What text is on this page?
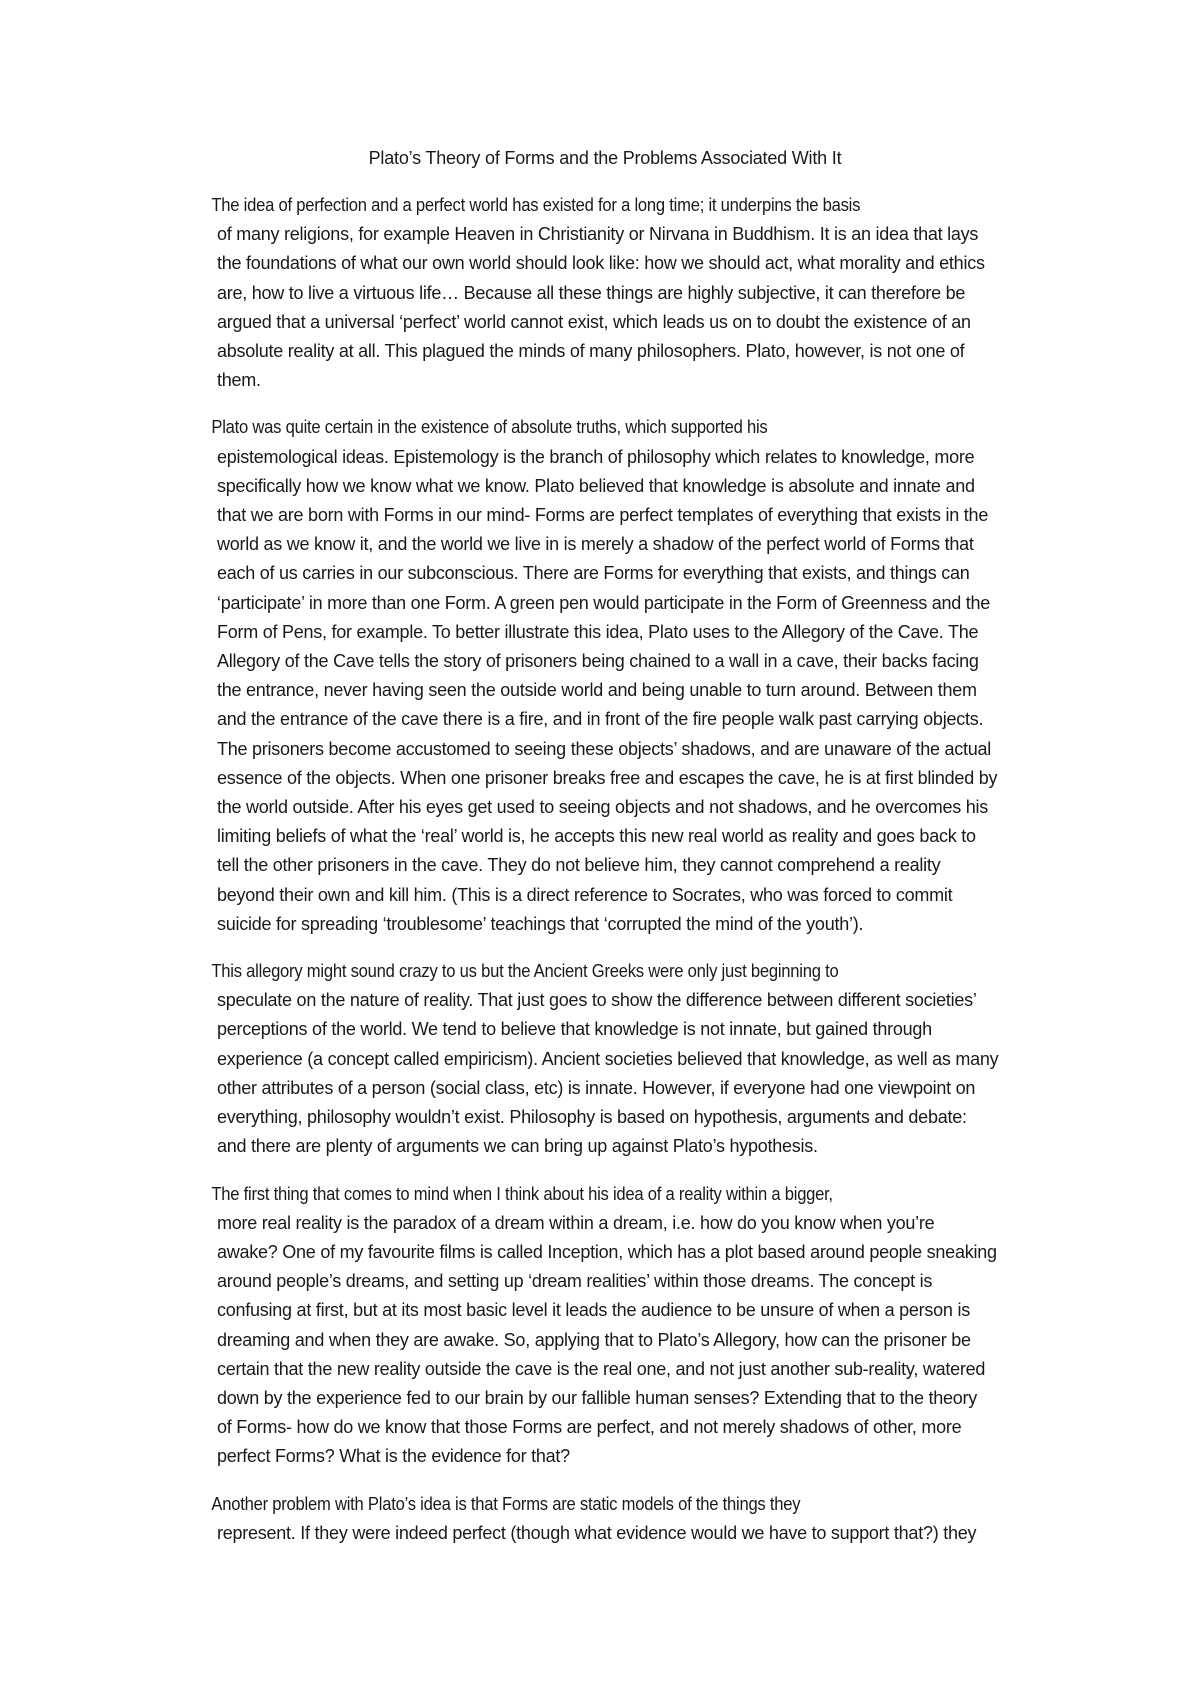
Plato’s Theory of Forms and the Problems Associated With It

The idea of perfection and a perfect world has existed for a long time; it underpins the basis
of many religions, for example Heaven in Christianity or Nirvana in Buddhism. It is an idea that lays
the foundations of what our own world should look like: how we should act, what morality and ethics
are, how to live a virtuous life… Because all these things are highly subjective, it can therefore be
argued that a universal ‘perfect’ world cannot exist, which leads us on to doubt the existence of an
absolute reality at all. This plagued the minds of many philosophers. Plato, however, is not one of
them.

Plato was quite certain in the existence of absolute truths, which supported his
epistemological ideas. Epistemology is the branch of philosophy which relates to knowledge, more
specifically how we know what we know. Plato believed that knowledge is absolute and innate and
that we are born with Forms in our mind- Forms are perfect templates of everything that exists in the
world as we know it, and the world we live in is merely a shadow of the perfect world of Forms that
each of us carries in our subconscious. There are Forms for everything that exists, and things can
‘participate’ in more than one Form. A green pen would participate in the Form of Greenness and the
Form of Pens, for example. To better illustrate this idea, Plato uses to the Allegory of the Cave. The
Allegory of the Cave tells the story of prisoners being chained to a wall in a cave, their backs facing
the entrance, never having seen the outside world and being unable to turn around. Between them
and the entrance of the cave there is a fire, and in front of the fire people walk past carrying objects.
The prisoners become accustomed to seeing these objects’ shadows, and are unaware of the actual
essence of the objects. When one prisoner breaks free and escapes the cave, he is at first blinded by
the world outside. After his eyes get used to seeing objects and not shadows, and he overcomes his
limiting beliefs of what the ‘real’ world is, he accepts this new real world as reality and goes back to
tell the other prisoners in the cave. They do not believe him, they cannot comprehend a reality
beyond their own and kill him. (This is a direct reference to Socrates, who was forced to commit
suicide for spreading ‘troublesome’ teachings that ‘corrupted the mind of the youth’).

This allegory might sound crazy to us but the Ancient Greeks were only just beginning to
speculate on the nature of reality. That just goes to show the difference between different societies’
perceptions of the world. We tend to believe that knowledge is not innate, but gained through
experience (a concept called empiricism). Ancient societies believed that knowledge, as well as many
other attributes of a person (social class, etc) is innate. However, if everyone had one viewpoint on
everything, philosophy wouldn’t exist. Philosophy is based on hypothesis, arguments and debate:
and there are plenty of arguments we can bring up against Plato’s hypothesis.

The first thing that comes to mind when I think about his idea of a reality within a bigger,
more real reality is the paradox of a dream within a dream, i.e. how do you know when you’re
awake? One of my favourite films is called Inception, which has a plot based around people sneaking
around people’s dreams, and setting up ‘dream realities’ within those dreams. The concept is
confusing at first, but at its most basic level it leads the audience to be unsure of when a person is
dreaming and when they are awake. So, applying that to Plato’s Allegory, how can the prisoner be
certain that the new reality outside the cave is the real one, and not just another sub-reality, watered
down by the experience fed to our brain by our fallible human senses? Extending that to the theory
of Forms- how do we know that those Forms are perfect, and not merely shadows of other, more
perfect Forms? What is the evidence for that?

Another problem with Plato’s idea is that Forms are static models of the things they
represent. If they were indeed perfect (though what evidence would we have to support that?) they
